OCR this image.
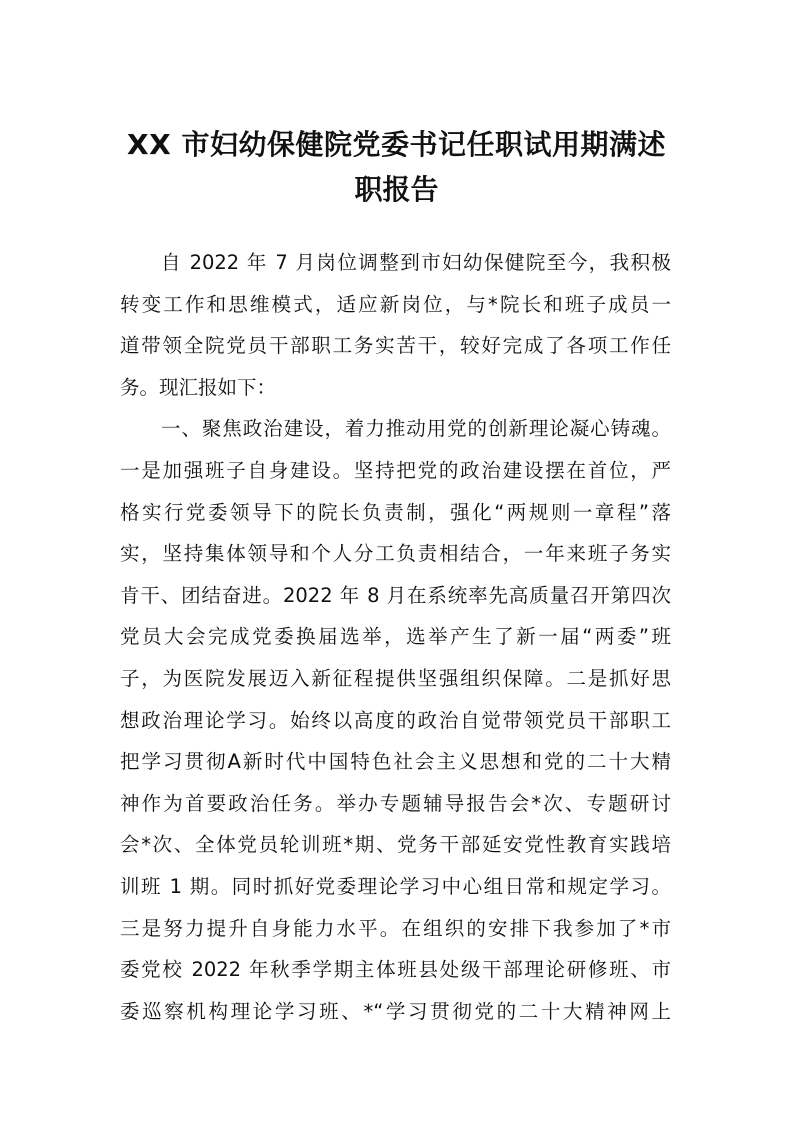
XX 市妇幼保健院党委书记任职试用期满述
职报告
自 2022 年 7 月岗位调整到市妇幼保健院至今，我积极
转变工作和思维模式，适应新岗位，与*院长和班子成员一
道带领全院党员干部职工务实苦干，较好完成了各项工作任
务。现汇报如下：
一、聚焦政治建设，着力推动用党的创新理论凝心铸魂。
一是加强班子自身建设。坚持把党的政治建设摆在首位，严
格实行党委领导下的院长负责制，强化“两规则一章程”落
实，坚持集体领导和个人分工负责相结合，一年来班子务实
肯干、团结奋进。2022 年 8 月在系统率先高质量召开第四次
党员大会完成党委换届选举，选举产生了新一届“两委”班
子，为医院发展迈入新征程提供坚强组织保障。二是抓好思
想政治理论学习。始终以高度的政治自觉带领党员干部职工
把学习贯彻A新时代中国特色社会主义思想和党的二十大精
神作为首要政治任务。举办专题辅导报告会*次、专题研讨
会*次、全体党员轮训班*期、党务干部延安党性教育实践培
训班 1 期。同时抓好党委理论学习中心组日常和规定学习。
三是努力提升自身能力水平。在组织的安排下我参加了*市
委党校 2022 年秋季学期主体班县处级干部理论研修班、市
委巡察机构理论学习班、*“学习贯彻党的二十大精神网上
